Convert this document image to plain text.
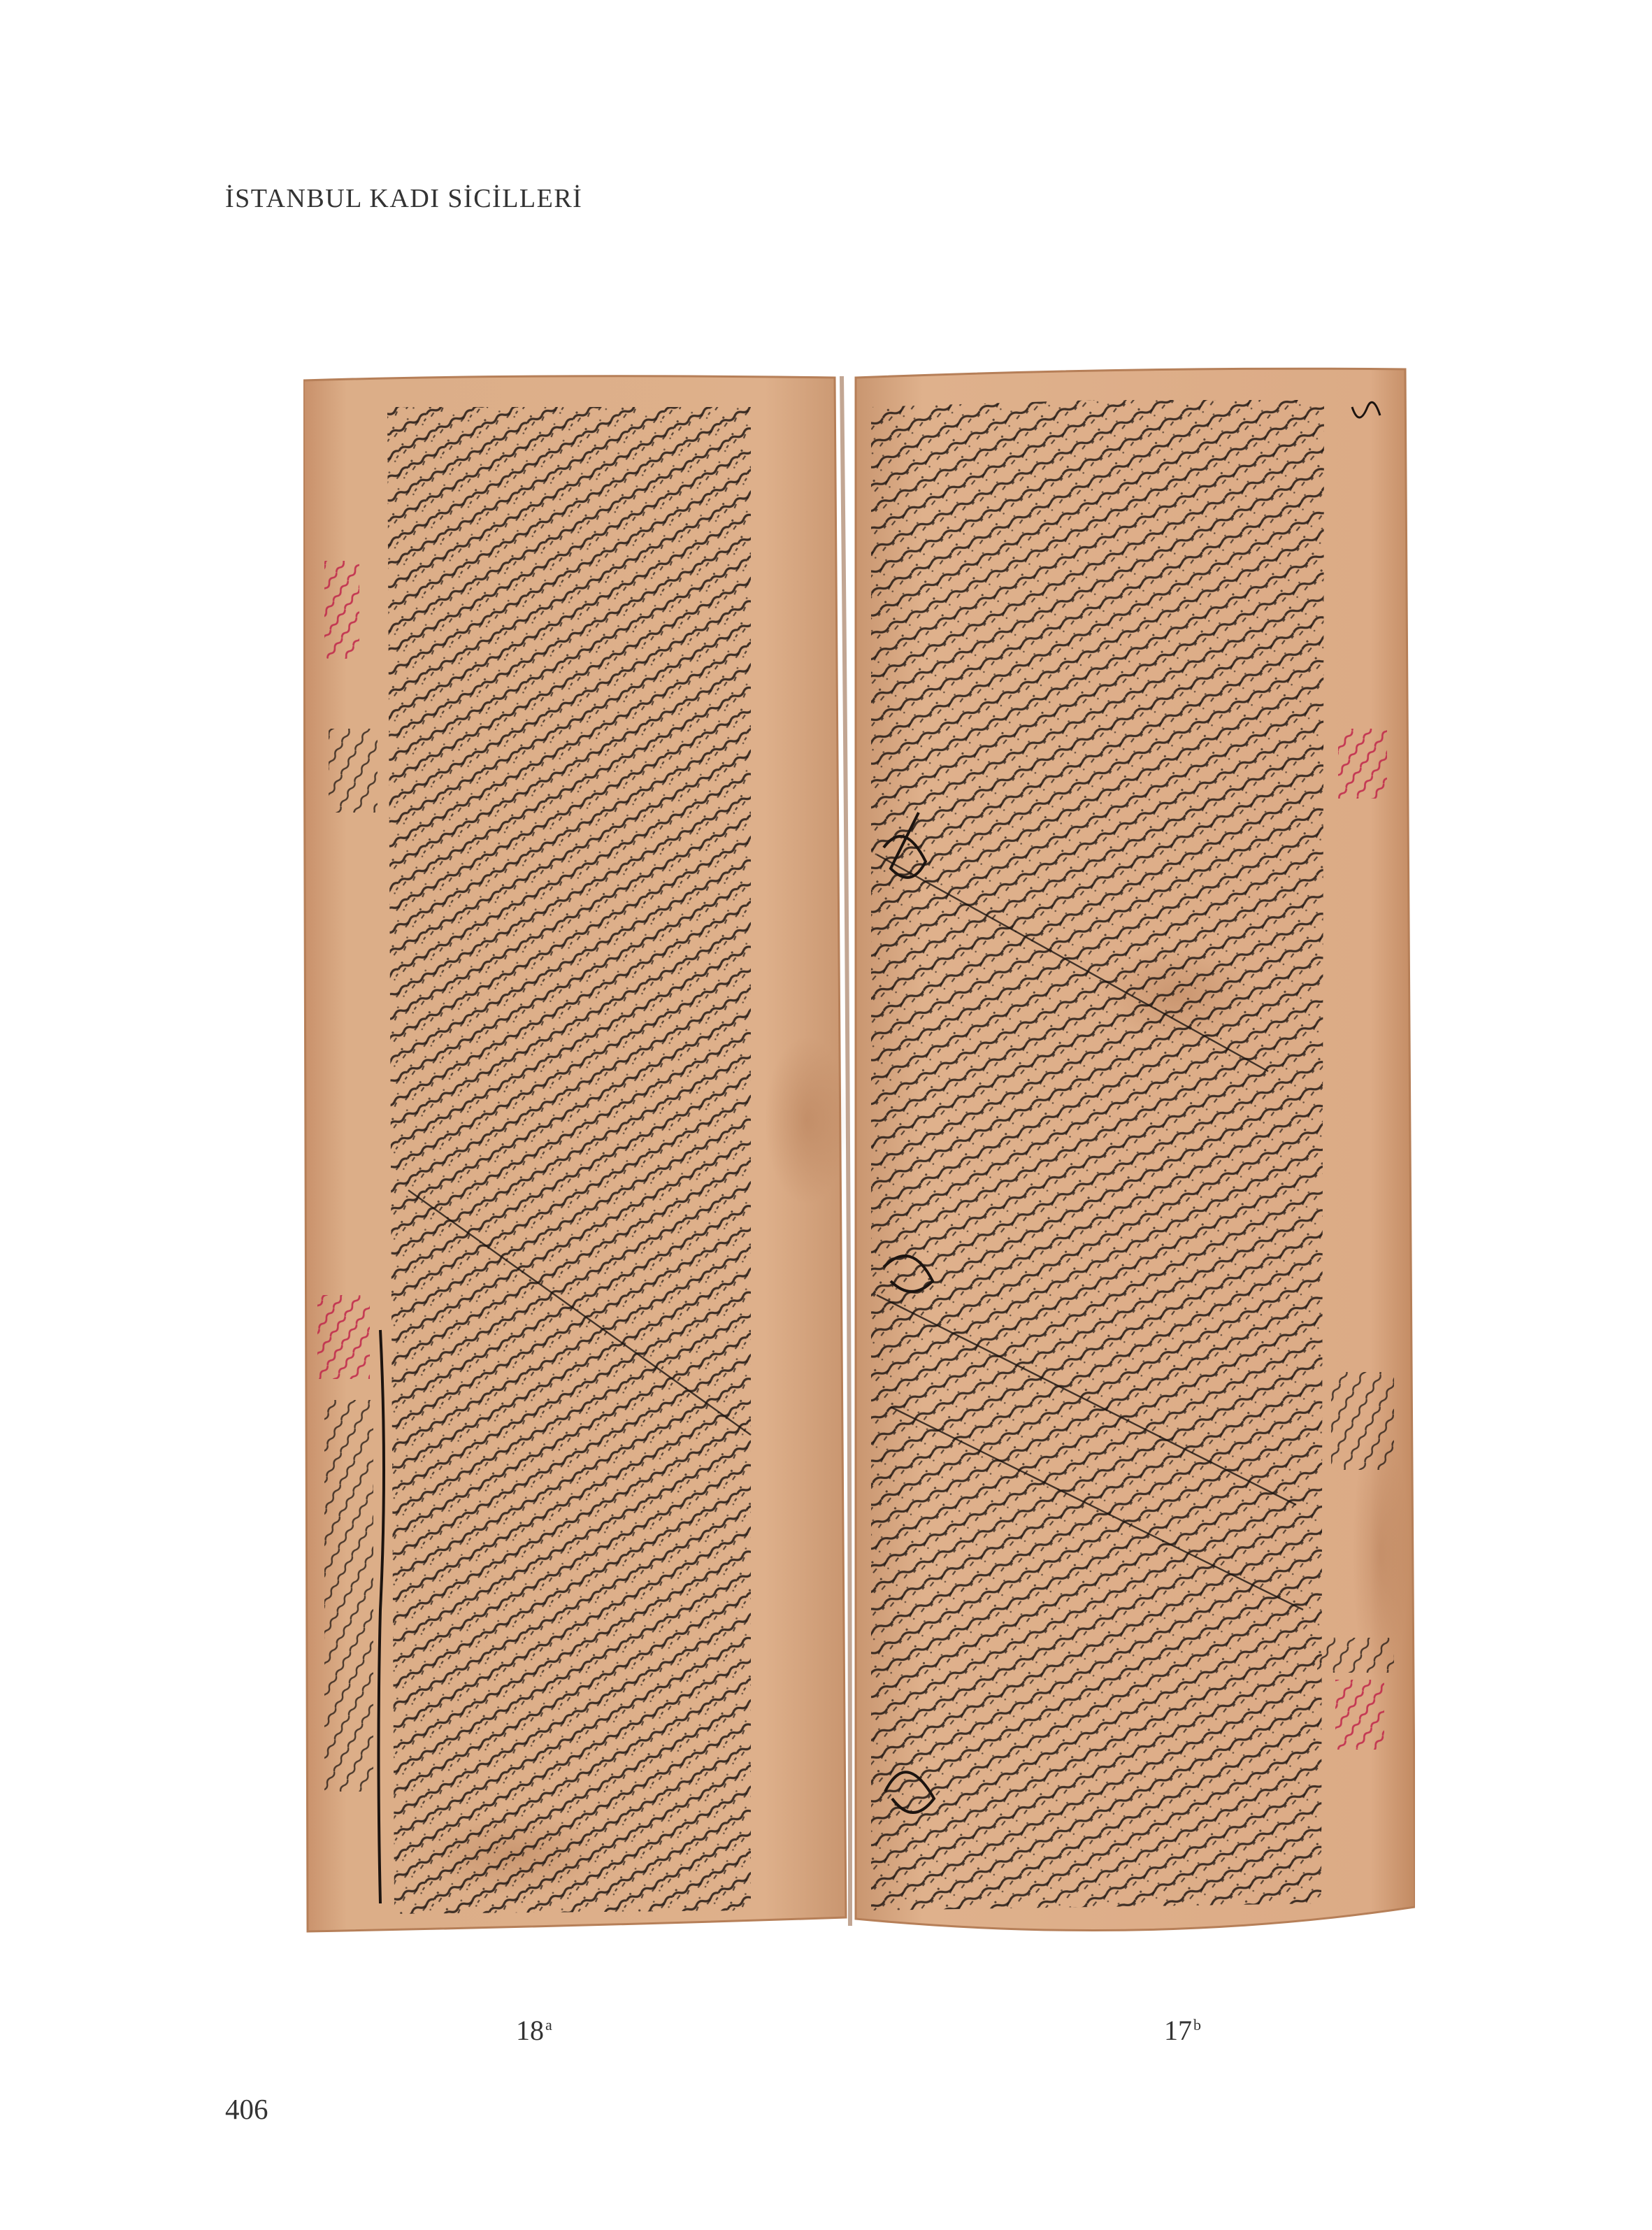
İSTANBUL KADI SİCİLLERİ
18$^a$	17$^b$
406
